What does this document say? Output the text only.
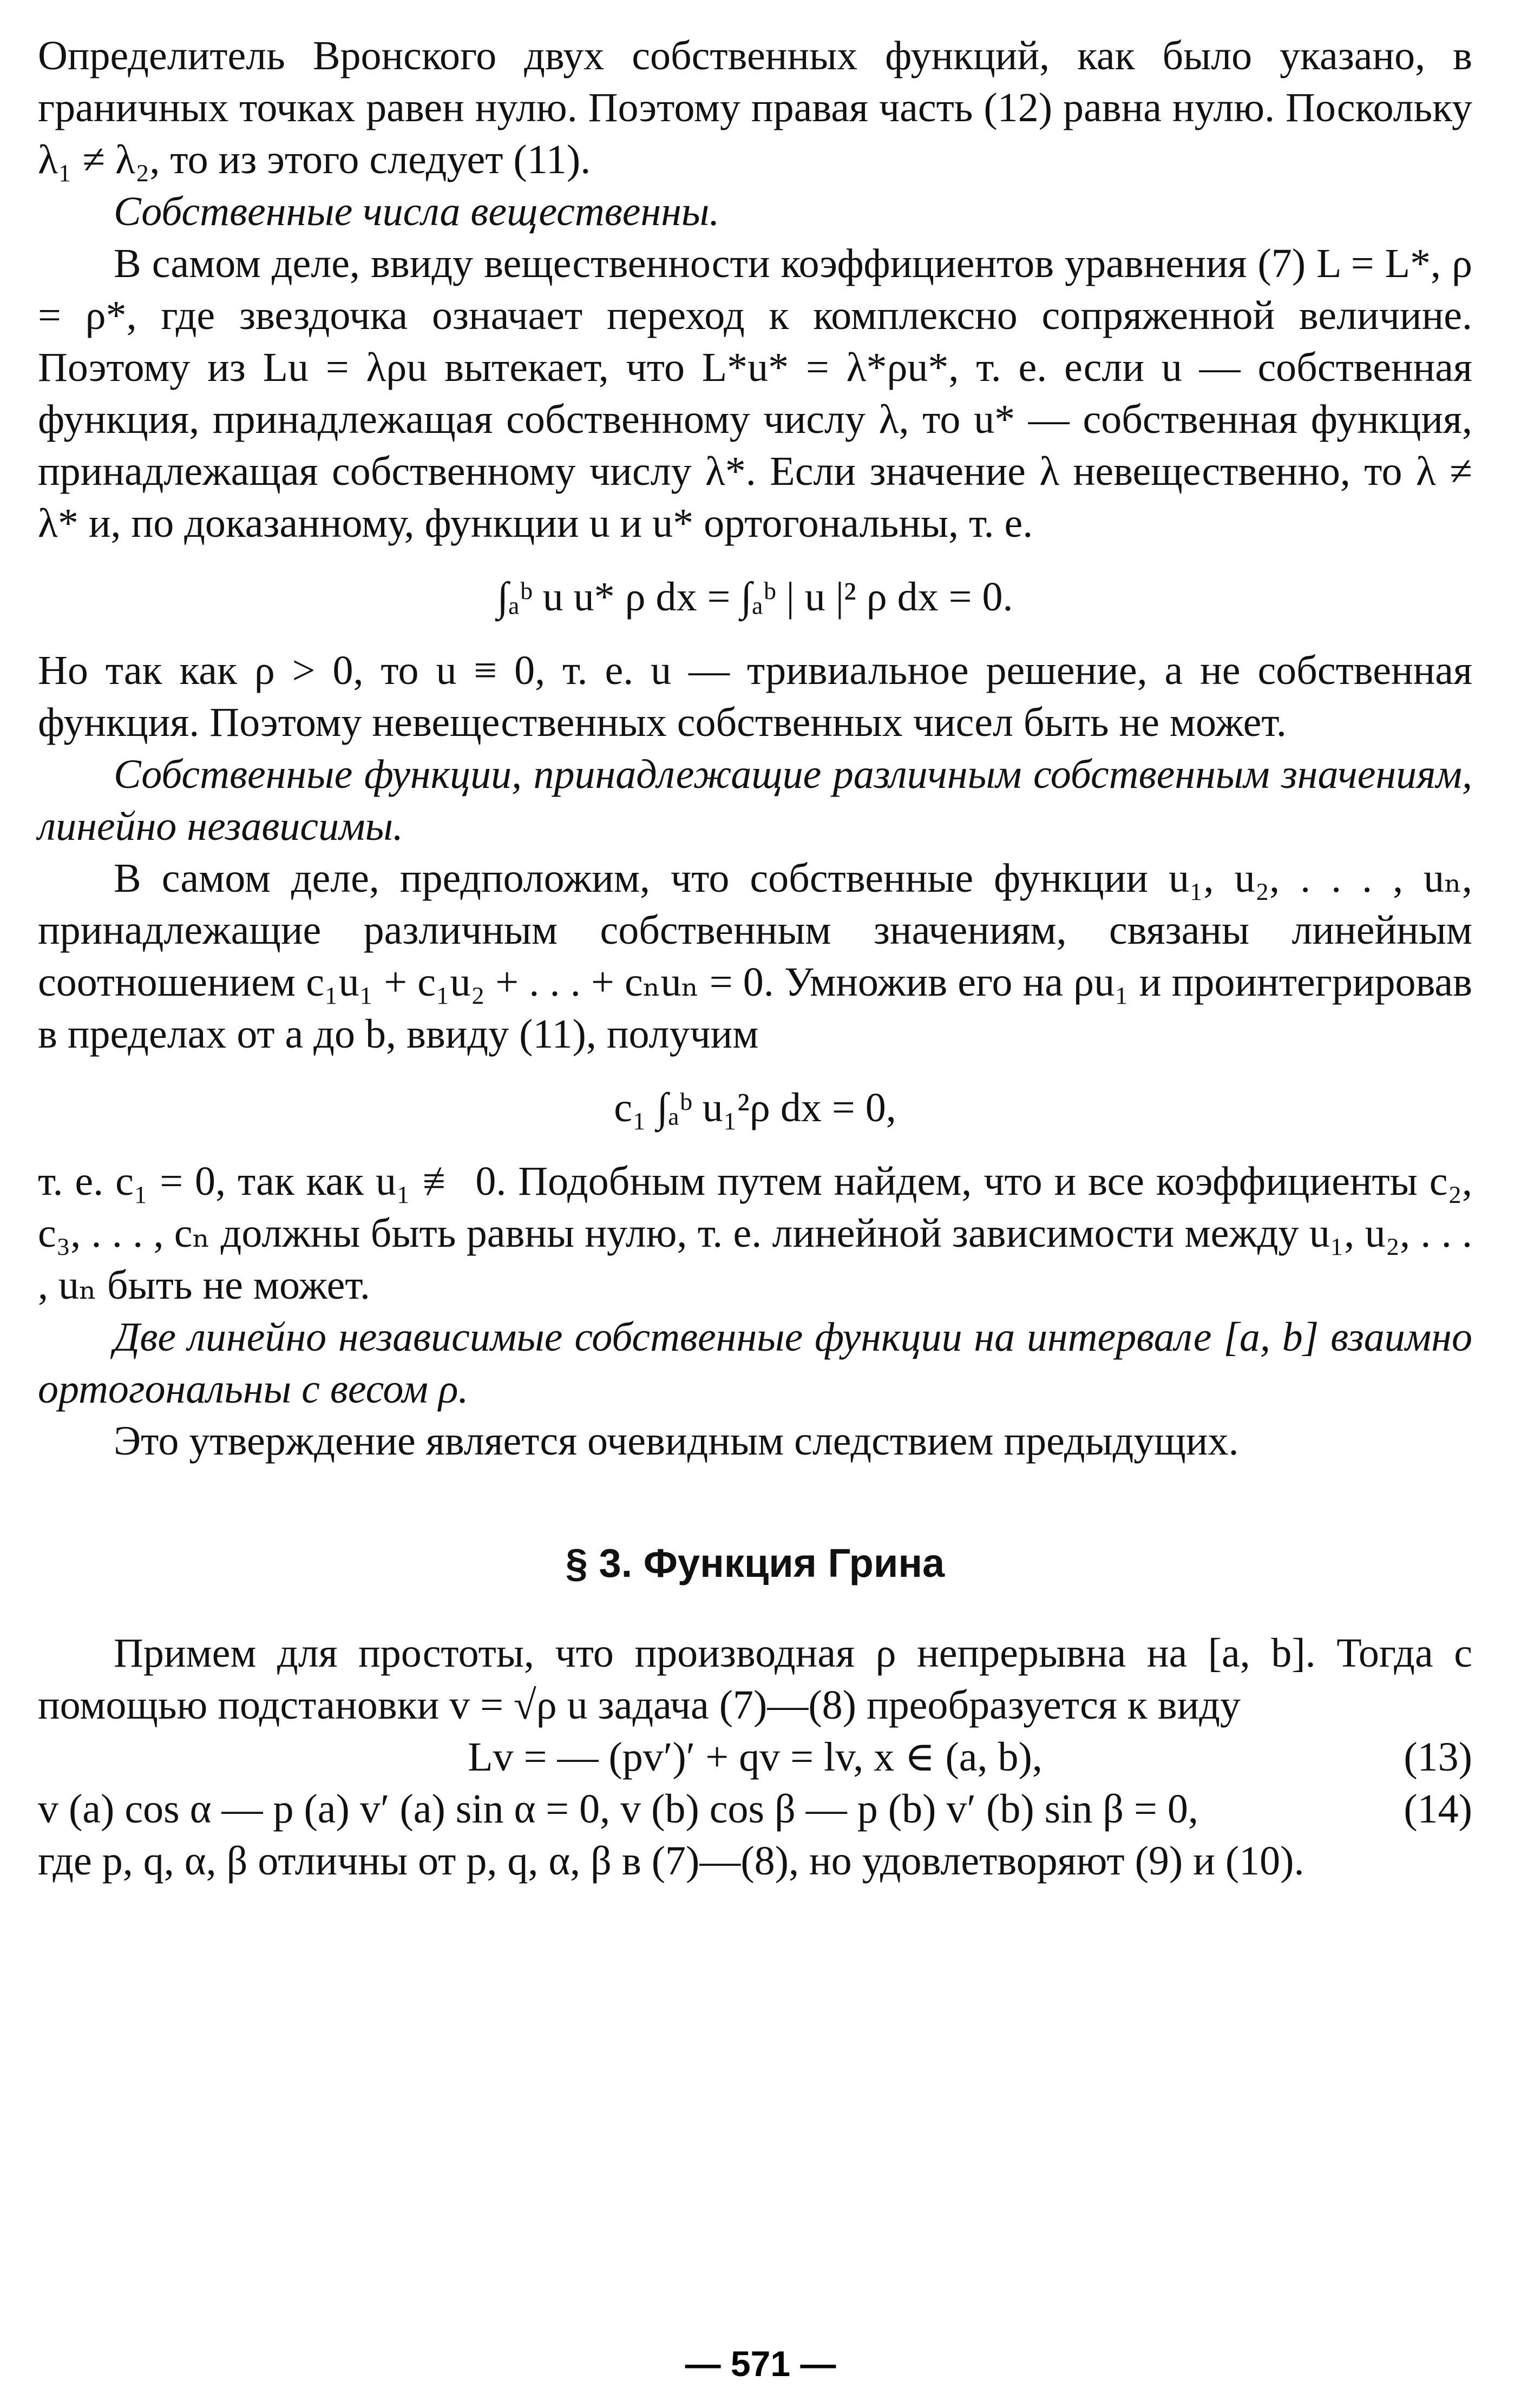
Определитель Вронского двух собственных функций, как было указано, в граничных точках равен нулю. Поэтому правая часть (12) равна нулю. Поскольку λ₁ ≠ λ₂, то из этого следует (11).

Собственные числа вещественны.

В самом деле, ввиду вещественности коэффициентов уравнения (7) L = L*, ρ = ρ*, где звездочка означает переход к комплексно сопряженной величине. Поэтому из Lu = λρu вытекает, что L*u* = λ*ρu*, т. е. если u — собственная функция, принадлежащая собственному числу λ, то u* — собственная функция, принадлежащая собственному числу λ*. Если значение λ невещественно, то λ ≠ λ* и, по доказанному, функции u и u* ортогональны, т. е.

∫ₐᵇ u u* ρ dx = ∫ₐᵇ | u |² ρ dx = 0.

Но так как ρ > 0, то u ≡ 0, т. е. u — тривиальное решение, а не собственная функция. Поэтому невещественных собственных чисел быть не может.

Собственные функции, принадлежащие различным собственным значениям, линейно независимы.

В самом деле, предположим, что собственные функции u₁, u₂, . . . , uₙ, принадлежащие различным собственным значениям, связаны линейным соотношением c₁u₁ + c₁u₂ + . . . + cₙuₙ = 0. Умножив его на ρu₁ и проинтегрировав в пределах от a до b, ввиду (11), получим

c₁ ∫ₐᵇ u₁²ρ dx = 0,

т. е. c₁ = 0, так как u₁ ≢ 0. Подобным путем найдем, что и все коэффициенты c₂, c₃, . . . , cₙ должны быть равны нулю, т. е. линейной зависимости между u₁, u₂, . . . , uₙ быть не может.

Две линейно независимые собственные функции на интервале [a, b] взаимно ортогональны с весом ρ.

Это утверждение является очевидным следствием предыдущих.

§ 3. Функция Грина

Примем для простоты, что производная ρ непрерывна на [a, b]. Тогда с помощью подстановки v = √ρ u задача (7)—(8) преобразуется к виду

Lv = — (pv′)′ + qv = lv, x ∈ (a, b),	(13)
v (a) cos α — p (a) v′ (a) sin α = 0, v (b) cos β — p (b) v′ (b) sin β = 0,	(14)

где p, q, α, β отличны от p, q, α, β в (7)—(8), но удовлетворяют (9) и (10).

— 571 —
